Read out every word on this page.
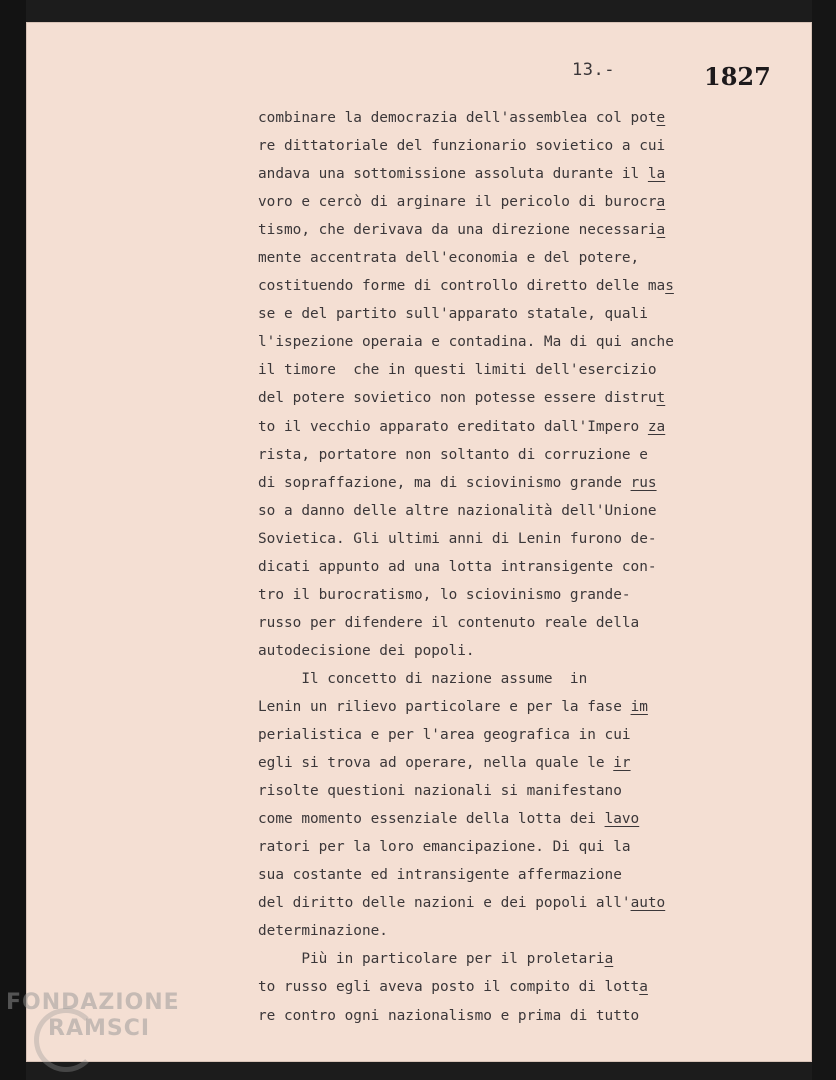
13.-	1827
combinare la democrazia dell'assemblea col pote
re dittatoriale del funzionario sovietico a cui
andava una sottomissione assoluta durante il la
voro e cercò di arginare il pericolo di burocra
tismo, che derivava da una direzione necessaria
mente accentrata dell'economia e del potere,
costituendo forme di controllo diretto delle mas
se e del partito sull'apparato statale, quali
l'ispezione operaia e contadina. Ma di qui anche
il timore  che in questi limiti dell'esercizio
del potere sovietico non potesse essere distrut
to il vecchio apparato ereditato dall'Impero za
rista, portatore non soltanto di corruzione e
di sopraffazione, ma di sciovinismo grande rus
so a danno delle altre nazionalità dell'Unione
Sovietica. Gli ultimi anni di Lenin furono de-
dicati appunto ad una lotta intransigente con-
tro il burocratismo, lo sciovinismo grande-
russo per difendere il contenuto reale della
autodecisione dei popoli.
Il concetto di nazione assume  in
Lenin un rilievo particolare e per la fase im
perialistica e per l'area geografica in cui
egli si trova ad operare, nella quale le ir
risolte questioni nazionali si manifestano
come momento essenziale della lotta dei lavo
ratori per la loro emancipazione. Di qui la
sua costante ed intransigente affermazione
del diritto delle nazioni e dei popoli all'auto
determinazione.
Più in particolare per il proletaria
to russo egli aveva posto il compito di lotta
re contro ogni nazionalismo e prima di tutto
FONDAZIONE
RAMSCI
